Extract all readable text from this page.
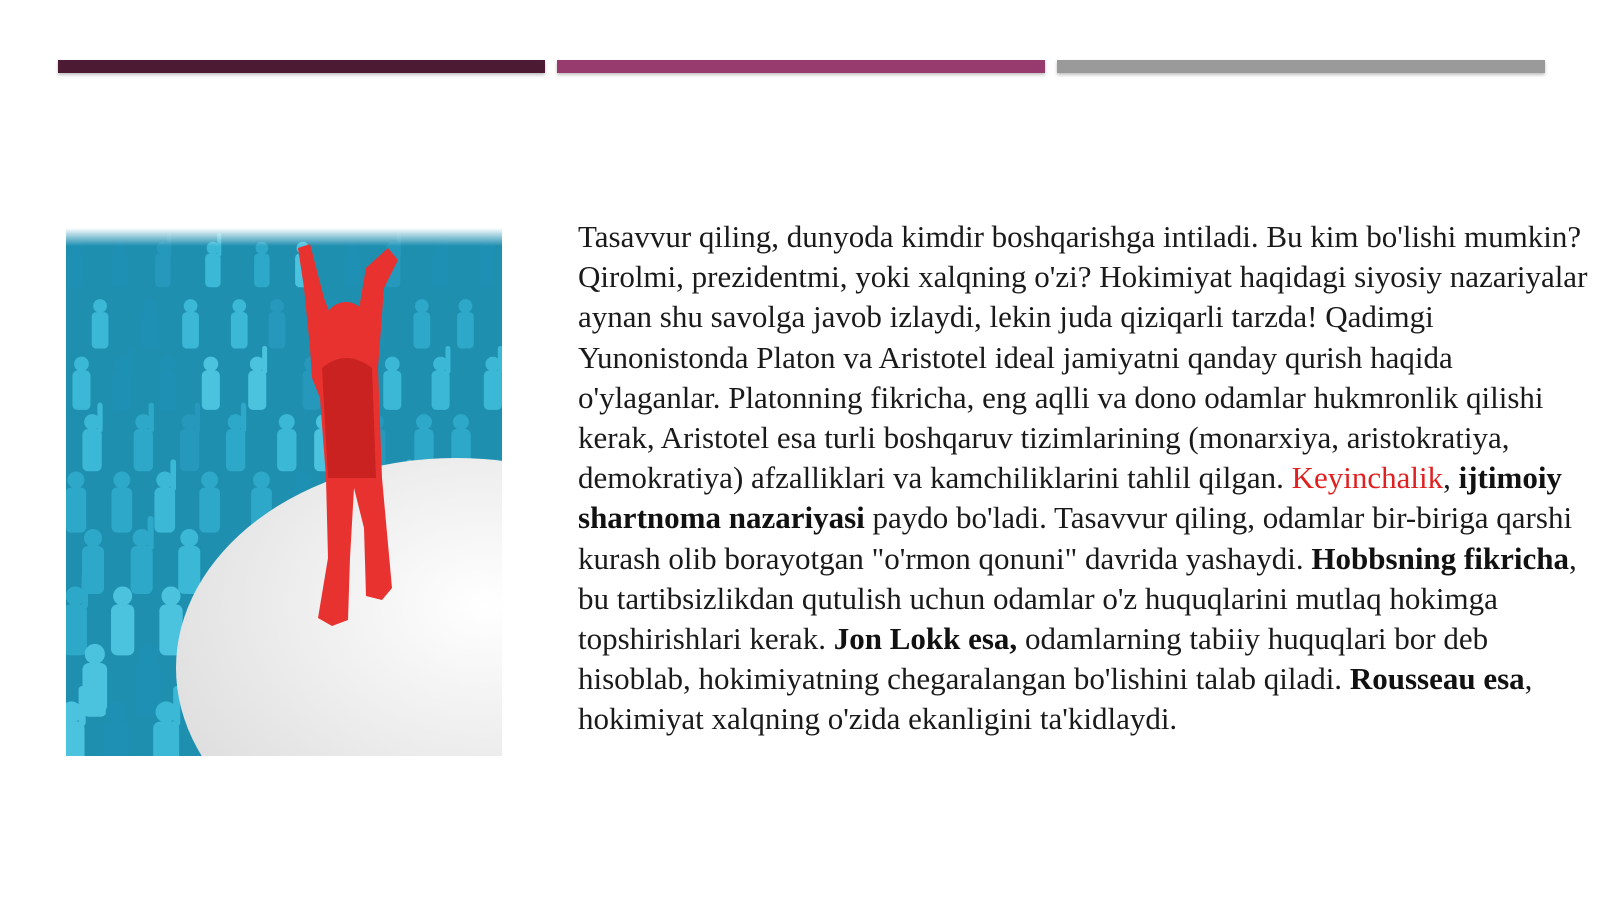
Tasavvur qiling, dunyoda kimdir boshqarishga intiladi. Bu kim bo'lishi mumkin? Qirolmi, prezidentmi, yoki xalqning o'zi? Hokimiyat haqidagi siyosiy nazariyalar aynan shu savolga javob izlaydi, lekin juda qiziqarli tarzda! Qadimgi Yunonistonda Platon va Aristotel ideal jamiyatni qanday qurish haqida o'ylaganlar. Platonning fikricha, eng aqlli va dono odamlar hukmronlik qilishi kerak, Aristotel esa turli boshqaruv tizimlarining (monarxiya, aristokratiya, demokratiya) afzalliklari va kamchiliklarini tahlil qilgan. Keyinchalik, ijtimoiy shartnoma nazariyasi paydo bo'ladi. Tasavvur qiling, odamlar bir-biriga qarshi kurash olib borayotgan "o'rmon qonuni" davrida yashaydi. Hobbsning fikricha, bu tartibsizlikdan qutulish uchun odamlar o'z huquqlarini mutlaq hokimga topshirishlari kerak. Jon Lokk esa, odamlarning tabiiy huquqlari bor deb hisoblab, hokimiyatning chegaralangan bo'lishini talab qiladi. Rousseau esa, hokimiyat xalqning o'zida ekanligini ta'kidlaydi.
